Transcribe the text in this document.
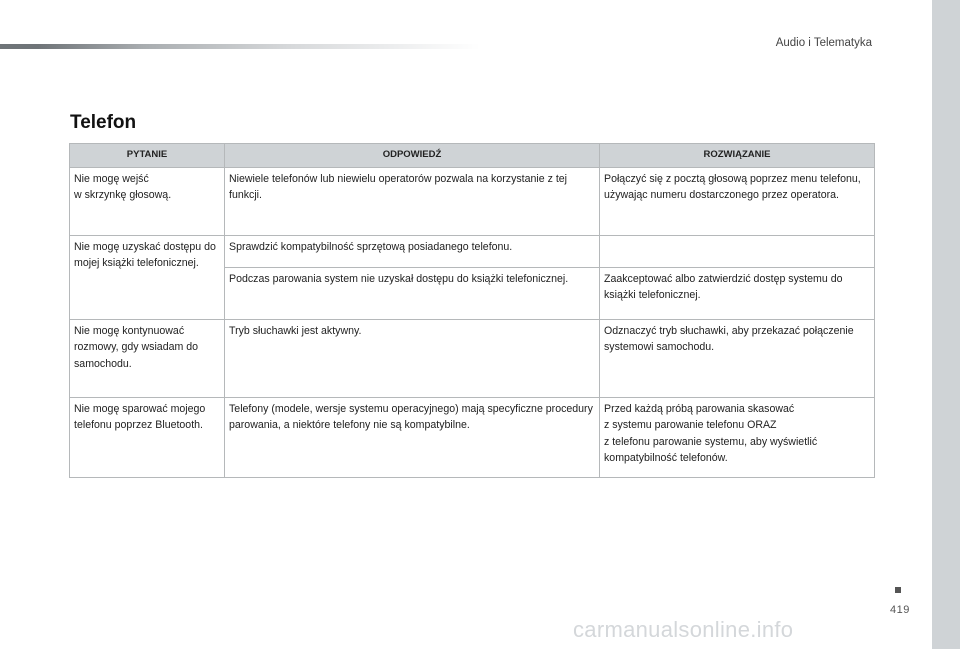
Audio i Telematyka
Telefon
PYTANIE	ODPOWIEDŹ	ROZWIĄZANIE

Nie mogę wejść
w skrzynkę głosową.	Niewiele telefonów lub niewielu operatorów pozwala na korzystanie z tej funkcji.	Połączyć się z pocztą głosową poprzez menu telefonu, używając numeru dostarczonego przez operatora.

Nie mogę uzyskać dostępu do mojej książki telefonicznej.	Sprawdzić kompatybilność sprzętową posiadanego telefonu.	

	Podczas parowania system nie uzyskał dostępu do książki telefonicznej.	Zaakceptować albo zatwierdzić dostęp systemu do książki telefonicznej.

Nie mogę kontynuować rozmowy, gdy wsiadam do samochodu.	Tryb słuchawki jest aktywny.	Odznaczyć tryb słuchawki, aby przekazać połączenie systemowi samochodu.

Nie mogę sparować mojego telefonu poprzez Bluetooth.	Telefony (modele, wersje systemu operacyjnego) mają specyficzne procedury parowania, a niektóre telefony nie są kompatybilne.	Przed każdą próbą parowania skasować
z systemu parowanie telefonu ORAZ
z telefonu parowanie systemu, aby wyświetlić kompatybilność telefonów.
419
carmanualsonline.info
